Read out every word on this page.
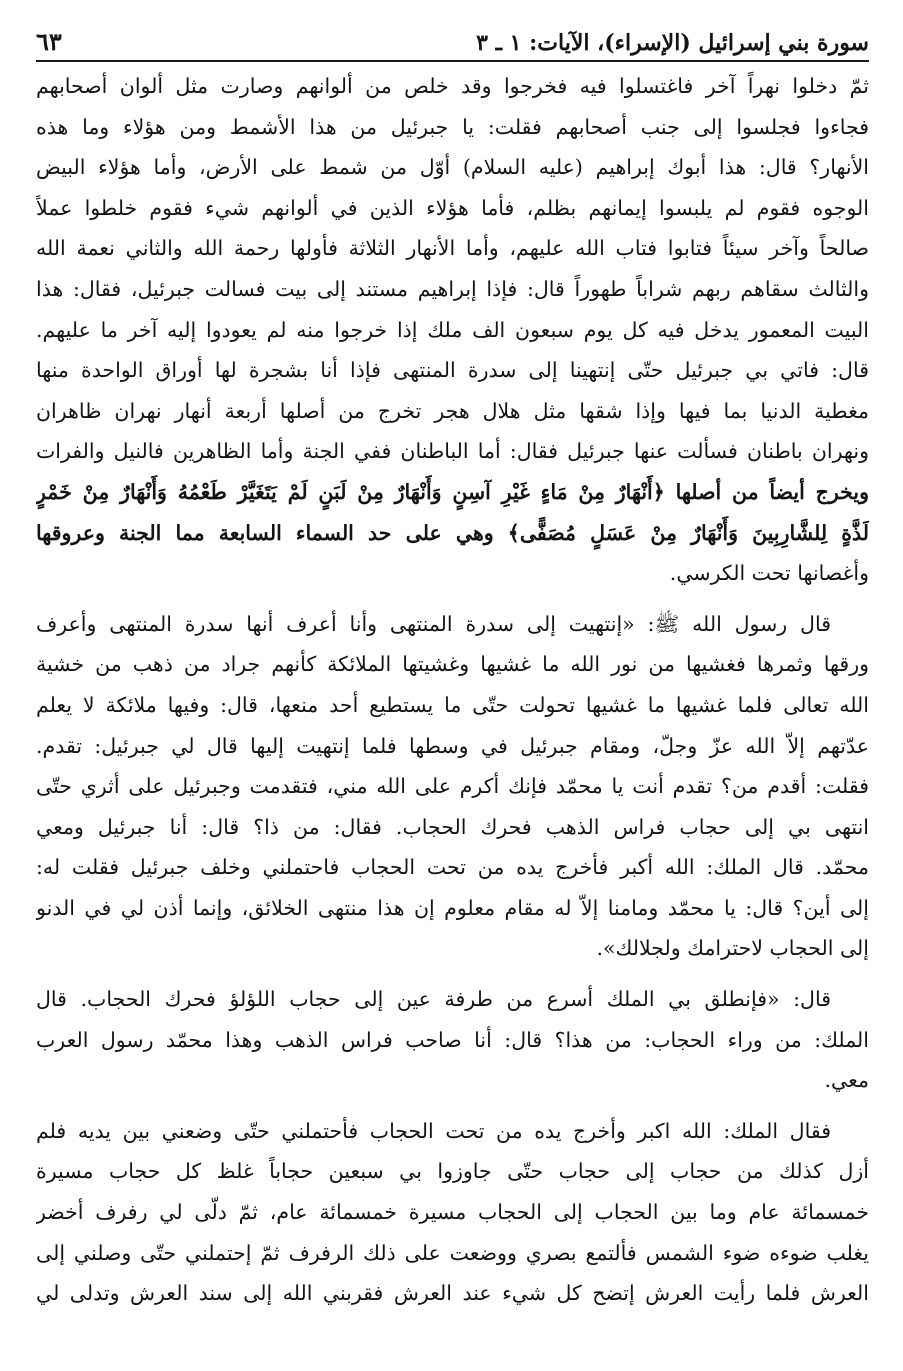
سورة بني إسرائيل (الإسراء)، الآيات: ١ ـ ٣
٦٣
ثمّ دخلوا نهراً آخر فاغتسلوا فيه فخرجوا وقد خلص من ألوانهم وصارت مثل ألوان أصحابهم
فجاءوا فجلسوا إلى جنب أصحابهم فقلت: يا جبرئيل من هذا الأشمط ومن هؤلاء وما هذه
الأنهار؟ قال: هذا أبوك إبراهيم (عليه السلام) أوّل من شمط على الأرض، وأما هؤلاء البيض
الوجوه فقوم لم يلبسوا إيمانهم بظلم، فأما هؤلاء الذين في ألوانهم شيء فقوم خلطوا عملاً
صالحاً وآخر سيئاً فتابوا فتاب الله عليهم، وأما الأنهار الثلاثة فأولها رحمة الله والثاني نعمة الله
والثالث سقاهم ربهم شراباً طهوراً قال: فإذا إبراهيم مستند إلى بيت فسالت جبرئيل، فقال: هذا
البيت المعمور يدخل فيه كل يوم سبعون الف ملك إذا خرجوا منه لم يعودوا إليه آخر ما عليهم.
قال: فاتي بي جبرئيل حتّى إنتهينا إلى سدرة المنتهى فإذا أنا بشجرة لها أوراق الواحدة منها
مغطية الدنيا بما فيها وإذا شقها مثل هلال هجر تخرج من أصلها أربعة أنهار نهران ظاهران
ونهران باطنان فسألت عنها جبرئيل فقال: أما الباطنان ففي الجنة وأما الظاهرين فالنيل والفرات
ويخرج أيضاً من أصلها ﴿أَنْهَارٌ مِنْ مَاءٍ غَيْرِ آسِنٍ وَأَنْهَارٌ مِنْ لَبَنٍ لَمْ يَتَغَيَّرْ طَعْمُهُ وَأَنْهَارٌ مِنْ خَمْرٍ
لَذَّةٍ لِلشَّارِبِينَ وَأَنْهَارٌ مِنْ عَسَلٍ مُصَفًّى﴾ وهي على حد السماء السابعة مما الجنة وعروقها
وأغصانها تحت الكرسي.
قال رسول الله ﷺ: «إنتهيت إلى سدرة المنتهى وأنا أعرف أنها سدرة المنتهى وأعرف
ورقها وثمرها فغشيها من نور الله ما غشيها وغشيتها الملائكة كأنهم جراد من ذهب من خشية
الله تعالى فلما غشيها ما غشيها تحولت حتّى ما يستطيع أحد منعها، قال: وفيها ملائكة لا يعلم
عدّتهم إلاّ الله عزّ وجلّ، ومقام جبرئيل في وسطها فلما إنتهيت إليها قال لي جبرئيل: تقدم.
فقلت: أقدم من؟ تقدم أنت يا محمّد فإنك أكرم على الله مني، فتقدمت وجبرئيل على أثري حتّى
انتهى بي إلى حجاب فراس الذهب فحرك الحجاب. فقال: من ذا؟ قال: أنا جبرئيل ومعي
محمّد. قال الملك: الله أكبر فأخرج يده من تحت الحجاب فاحتملني وخلف جبرئيل فقلت له:
إلى أين؟ قال: يا محمّد ومامنا إلاّ له مقام معلوم إن هذا منتهى الخلائق، وإنما أذن لي في الدنو
إلى الحجاب لاحترامك ولجلالك».
قال: «فإنطلق بي الملك أسرع من طرفة عين إلى حجاب اللؤلؤ فحرك الحجاب. قال
الملك: من وراء الحجاب: من هذا؟ قال: أنا صاحب فراس الذهب وهذا محمّد رسول العرب
معي.
فقال الملك: الله اكبر وأخرج يده من تحت الحجاب فأحتملني حتّى وضعني بين يديه فلم
أزل كذلك من حجاب إلى حجاب حتّى جاوزوا بي سبعين حجاباً غلظ كل حجاب مسيرة
خمسمائة عام وما بين الحجاب إلى الحجاب مسيرة خمسمائة عام، ثمّ دلّى لي رفرف أخضر
يغلب ضوءه ضوء الشمس فألتمع بصري ووضعت على ذلك الرفرف ثمّ إحتملني حتّى وصلني إلى
العرش فلما رأيت العرش إتضح كل شيء عند العرش فقربني الله إلى سند العرش وتدلى لي
